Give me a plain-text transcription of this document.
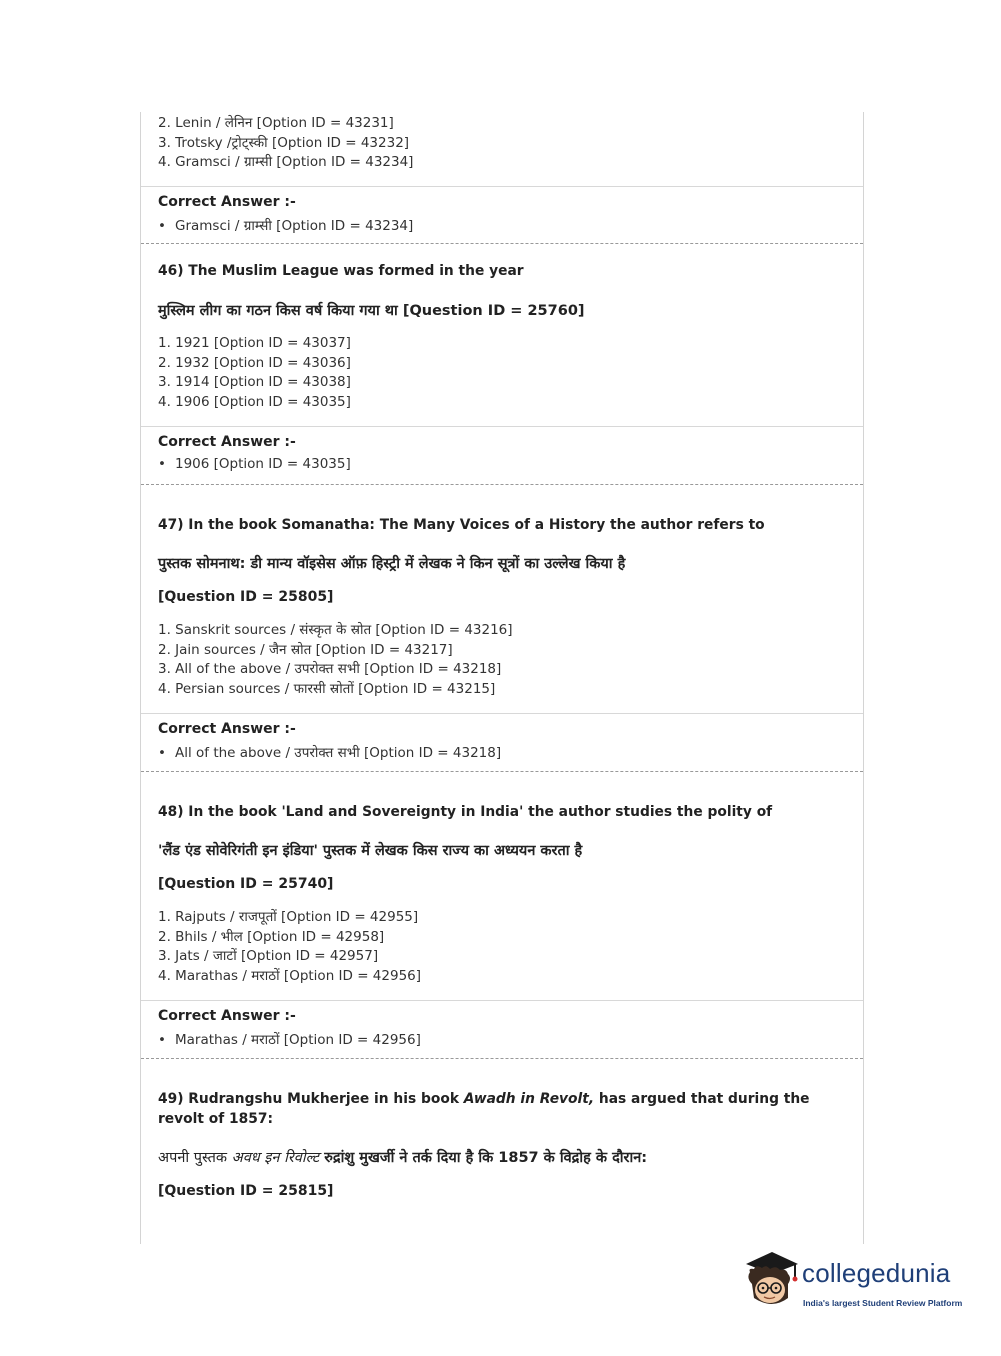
2. Lenin / लेनिन [Option ID = 43231]
3. Trotsky /ट्रोट्स्की [Option ID = 43232]
4. Gramsci / ग्राम्सी [Option ID = 43234]
Correct Answer :-
• Gramsci / ग्राम्सी [Option ID = 43234]
46) The Muslim League was formed in the year
मुस्लिम लीग का गठन किस वर्ष किया गया था [Question ID = 25760]
1. 1921 [Option ID = 43037]
2. 1932 [Option ID = 43036]
3. 1914 [Option ID = 43038]
4. 1906 [Option ID = 43035]
Correct Answer :-
• 1906 [Option ID = 43035]
47) In the book Somanatha: The Many Voices of a History the author refers to
पुस्तक सोमनाथ: डी मान्य वॉइसेस ऑफ़ हिस्ट्री में लेखक ने किन सूत्रों का उल्लेख किया है
[Question ID = 25805]
1. Sanskrit sources / संस्कृत के स्रोत [Option ID = 43216]
2. Jain sources / जैन स्रोत [Option ID = 43217]
3. All of the above / उपरोक्त सभी [Option ID = 43218]
4. Persian sources / फारसी स्रोतों [Option ID = 43215]
Correct Answer :-
• All of the above / उपरोक्त सभी [Option ID = 43218]
48) In the book 'Land and Sovereignty in India' the author studies the polity of
'लैंड एंड सोवेरिगंती इन इंडिया' पुस्तक में लेखक किस राज्य का अध्ययन करता है
[Question ID = 25740]
1. Rajputs / राजपूतों [Option ID = 42955]
2. Bhils / भील [Option ID = 42958]
3. Jats / जाटों [Option ID = 42957]
4. Marathas / मराठों [Option ID = 42956]
Correct Answer :-
• Marathas / मराठों [Option ID = 42956]
49) Rudrangshu Mukherjee in his book Awadh in Revolt, has argued that during the revolt of 1857:
अपनी पुस्तक अवध इन रिवोल्ट रुद्रांशु मुखर्जी ने तर्क दिया है कि 1857 के विद्रोह के दौरान:
[Question ID = 25815]
collegedunia
India's largest Student Review Platform
